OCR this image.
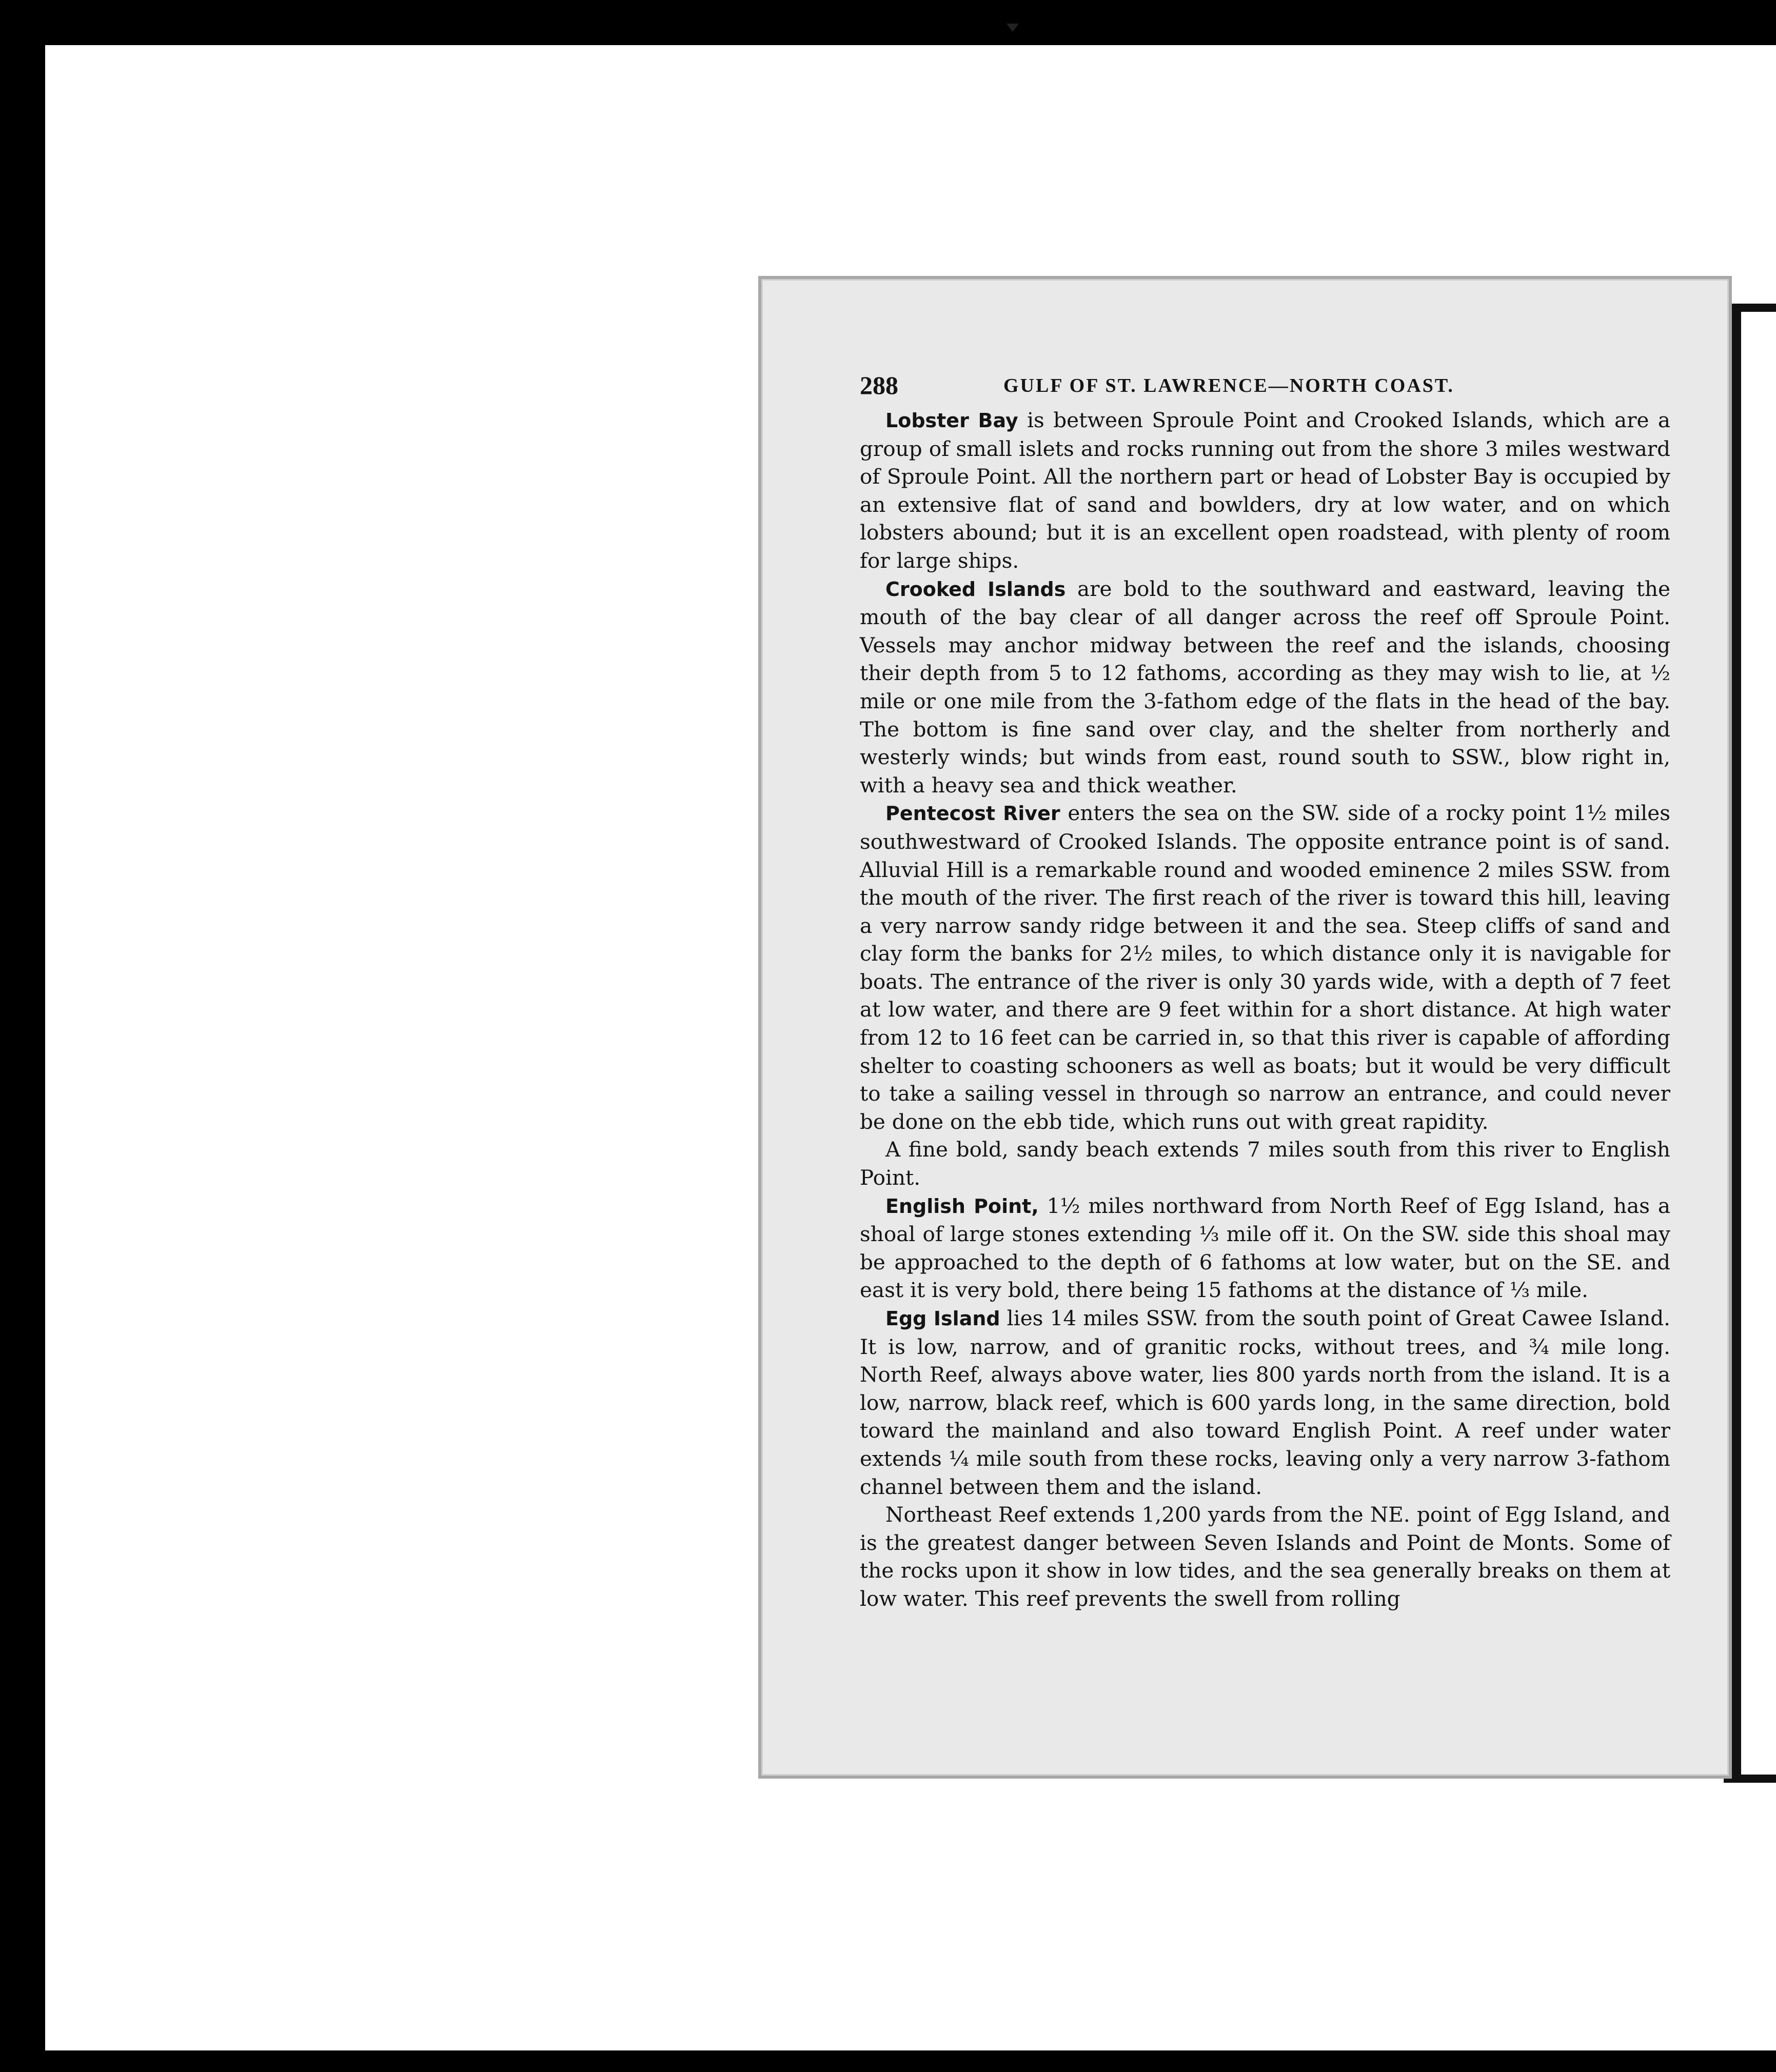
288	GULF OF ST. LAWRENCE—NORTH COAST.

Lobster Bay is between Sproule Point and Crooked Islands, which are a group of small islets and rocks running out from the shore 3 miles westward of Sproule Point. All the northern part or head of Lobster Bay is occupied by an extensive flat of sand and bowlders, dry at low water, and on which lobsters abound; but it is an excellent open roadstead, with plenty of room for large ships.

Crooked Islands are bold to the southward and eastward, leaving the mouth of the bay clear of all danger across the reef off Sproule Point. Vessels may anchor midway between the reef and the islands, choosing their depth from 5 to 12 fathoms, according as they may wish to lie, at ½ mile or one mile from the 3-fathom edge of the flats in the head of the bay. The bottom is fine sand over clay, and the shelter from northerly and westerly winds; but winds from east, round south to SSW., blow right in, with a heavy sea and thick weather.

Pentecost River enters the sea on the SW. side of a rocky point 1½ miles southwestward of Crooked Islands. The opposite entrance point is of sand. Alluvial Hill is a remarkable round and wooded eminence 2 miles SSW. from the mouth of the river. The first reach of the river is toward this hill, leaving a very narrow sandy ridge between it and the sea. Steep cliffs of sand and clay form the banks for 2½ miles, to which distance only it is navigable for boats. The entrance of the river is only 30 yards wide, with a depth of 7 feet at low water, and there are 9 feet within for a short distance. At high water from 12 to 16 feet can be carried in, so that this river is capable of affording shelter to coasting schooners as well as boats; but it would be very difficult to take a sailing vessel in through so narrow an entrance, and could never be done on the ebb tide, which runs out with great rapidity.

A fine bold, sandy beach extends 7 miles south from this river to English Point.

English Point, 1½ miles northward from North Reef of Egg Island, has a shoal of large stones extending ⅓ mile off it. On the SW. side this shoal may be approached to the depth of 6 fathoms at low water, but on the SE. and east it is very bold, there being 15 fathoms at the distance of ⅓ mile.

Egg Island lies 14 miles SSW. from the south point of Great Cawee Island. It is low, narrow, and of granitic rocks, without trees, and ¾ mile long. North Reef, always above water, lies 800 yards north from the island. It is a low, narrow, black reef, which is 600 yards long, in the same direction, bold toward the mainland and also toward English Point. A reef under water extends ¼ mile south from these rocks, leaving only a very narrow 3-fathom channel between them and the island.

Northeast Reef extends 1,200 yards from the NE. point of Egg Island, and is the greatest danger between Seven Islands and Point de Monts. Some of the rocks upon it show in low tides, and the sea generally breaks on them at low water. This reef prevents the swell from rolling
